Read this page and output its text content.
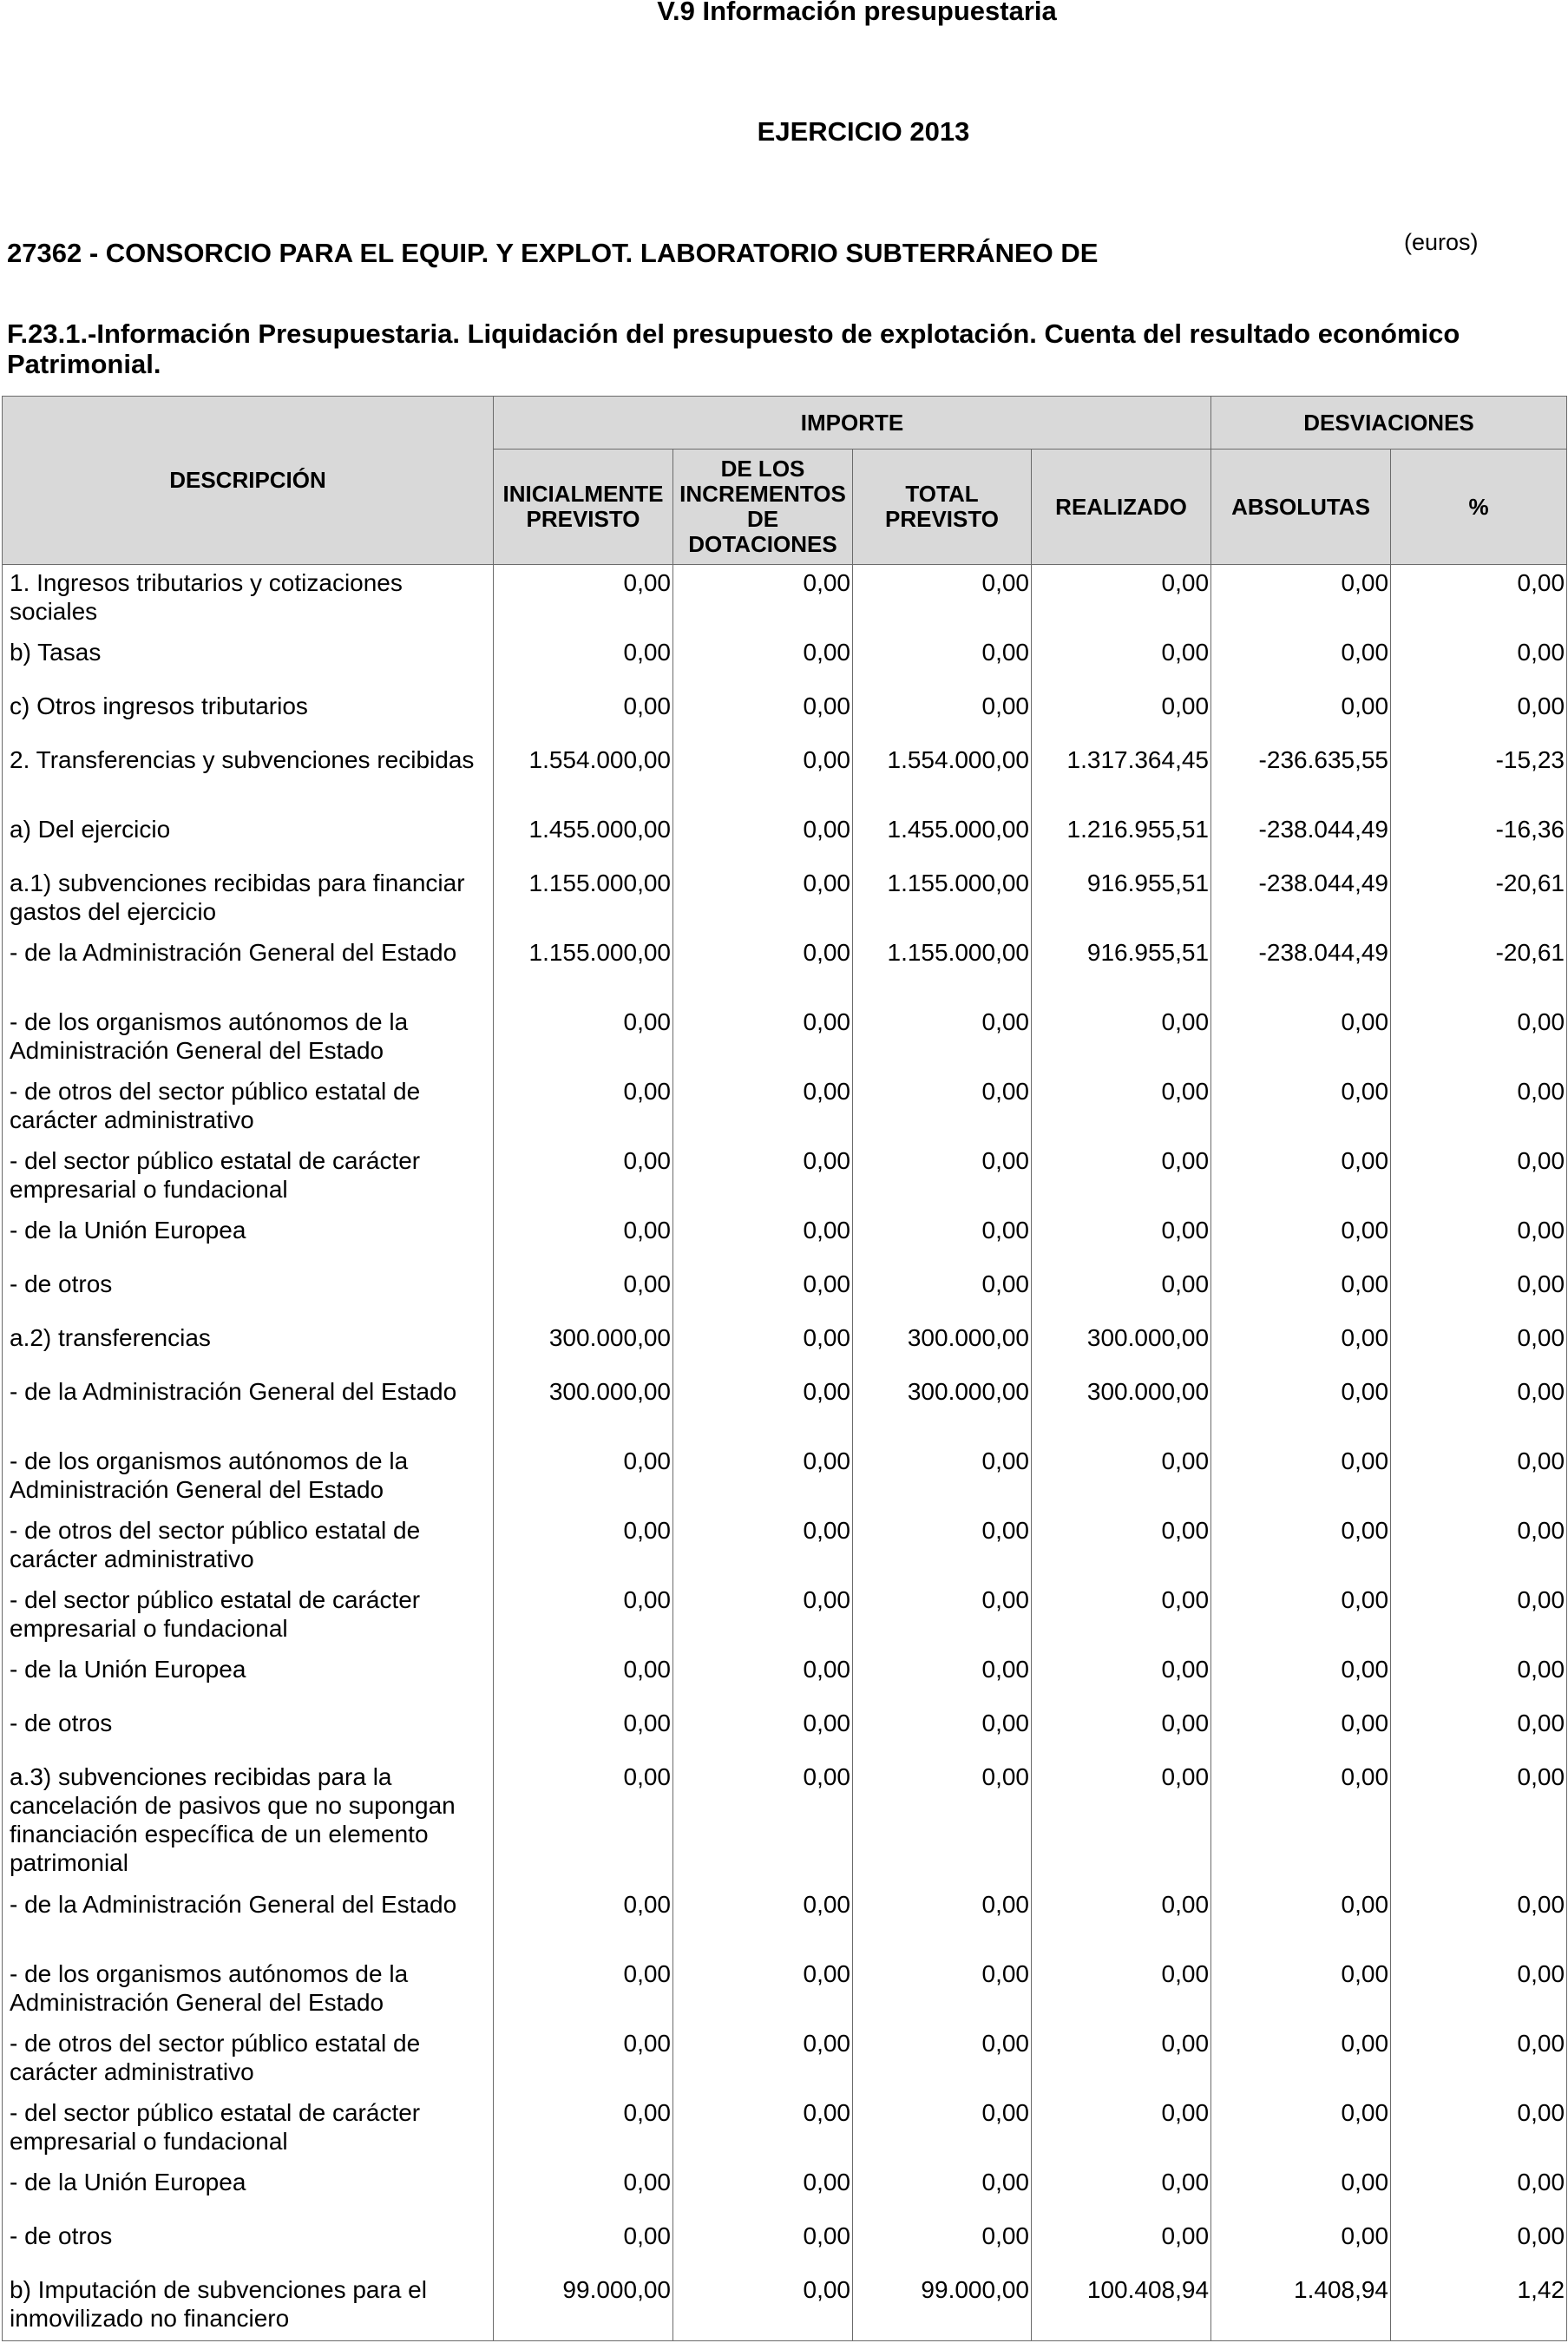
V.9 Información presupuestaria
EJERCICIO 2013
27362 - CONSORCIO PARA EL EQUIP. Y EXPLOT. LABORATORIO SUBTERRÁNEO DE	(euros)
F.23.1.-Información Presupuestaria. Liquidación del presupuesto de explotación. Cuenta del resultado económico Patrimonial.
DESCRIPCIÓN	IMPORTE				DESVIACIONES	
	INICIALMENTE PREVISTO	DE LOS INCREMENTOS DE DOTACIONES	TOTAL PREVISTO	REALIZADO	ABSOLUTAS	%
1. Ingresos tributarios y cotizaciones sociales	0,00	0,00	0,00	0,00	0,00	0,00
b) Tasas	0,00	0,00	0,00	0,00	0,00	0,00
c) Otros ingresos tributarios	0,00	0,00	0,00	0,00	0,00	0,00
2. Transferencias y subvenciones recibidas	1.554.000,00	0,00	1.554.000,00	1.317.364,45	-236.635,55	-15,23
a) Del ejercicio	1.455.000,00	0,00	1.455.000,00	1.216.955,51	-238.044,49	-16,36
a.1) subvenciones recibidas para financiar gastos del ejercicio	1.155.000,00	0,00	1.155.000,00	916.955,51	-238.044,49	-20,61
- de la Administración General del Estado	1.155.000,00	0,00	1.155.000,00	916.955,51	-238.044,49	-20,61
- de los organismos autónomos de la Administración General del Estado	0,00	0,00	0,00	0,00	0,00	0,00
- de otros del sector público estatal de carácter administrativo	0,00	0,00	0,00	0,00	0,00	0,00
- del sector público estatal de carácter empresarial o fundacional	0,00	0,00	0,00	0,00	0,00	0,00
- de la Unión Europea	0,00	0,00	0,00	0,00	0,00	0,00
- de otros	0,00	0,00	0,00	0,00	0,00	0,00
a.2) transferencias	300.000,00	0,00	300.000,00	300.000,00	0,00	0,00
- de la Administración General del Estado	300.000,00	0,00	300.000,00	300.000,00	0,00	0,00
- de los organismos autónomos de la Administración General del Estado	0,00	0,00	0,00	0,00	0,00	0,00
- de otros del sector público estatal de carácter administrativo	0,00	0,00	0,00	0,00	0,00	0,00
- del sector público estatal de carácter empresarial o fundacional	0,00	0,00	0,00	0,00	0,00	0,00
- de la Unión Europea	0,00	0,00	0,00	0,00	0,00	0,00
- de otros	0,00	0,00	0,00	0,00	0,00	0,00
a.3) subvenciones recibidas para la cancelación de pasivos que no supongan financiación específica de un elemento patrimonial	0,00	0,00	0,00	0,00	0,00	0,00
- de la Administración General del Estado	0,00	0,00	0,00	0,00	0,00	0,00
- de los organismos autónomos de la Administración General del Estado	0,00	0,00	0,00	0,00	0,00	0,00
- de otros del sector público estatal de carácter administrativo	0,00	0,00	0,00	0,00	0,00	0,00
- del sector público estatal de carácter empresarial o fundacional	0,00	0,00	0,00	0,00	0,00	0,00
- de la Unión Europea	0,00	0,00	0,00	0,00	0,00	0,00
- de otros	0,00	0,00	0,00	0,00	0,00	0,00
b) Imputación de subvenciones para el inmovilizado no financiero	99.000,00	0,00	99.000,00	100.408,94	1.408,94	1,42
